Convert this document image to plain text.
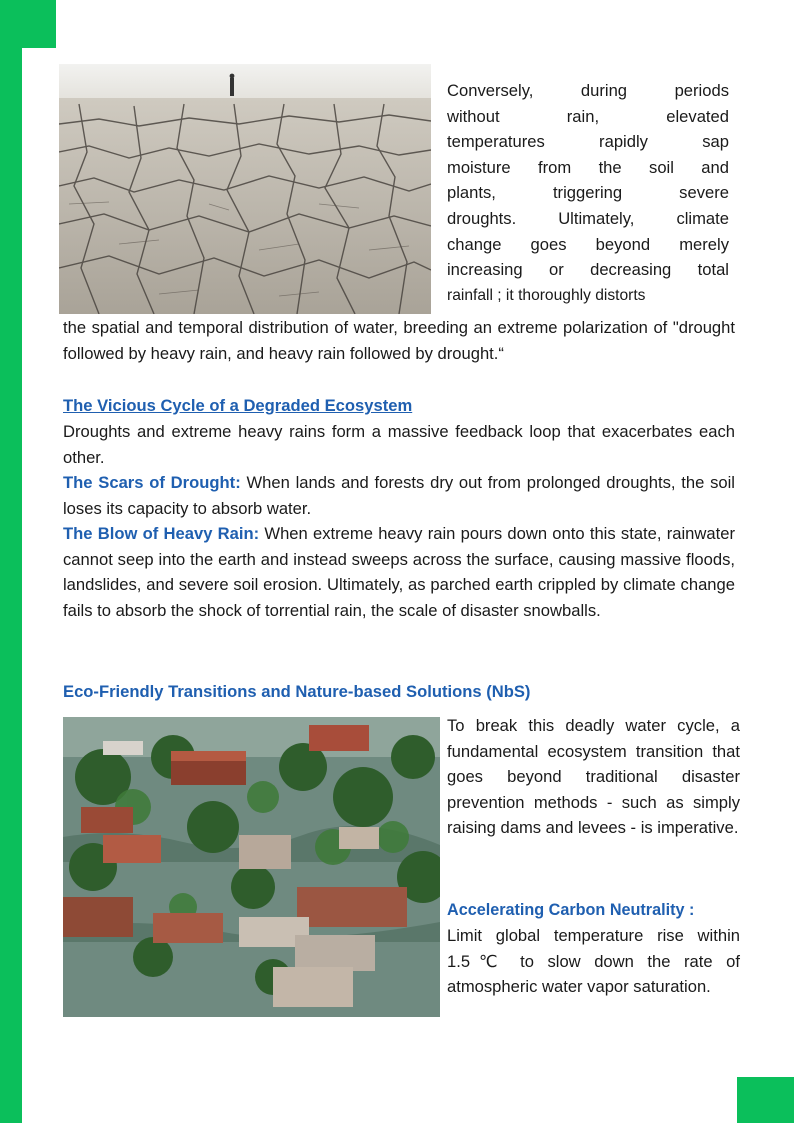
Conversely, during periods
without rain, elevated
temperatures rapidly sap
moisture from the soil and
plants, triggering severe
droughts. Ultimately, climate
change goes beyond merely
increasing or decreasing total
rainfall ; it thoroughly distorts
the spatial and temporal distribution of water, breeding an extreme polarization of "drought followed by heavy rain, and heavy rain followed by drought.“
The Vicious Cycle of a Degraded Ecosystem
Droughts and extreme heavy rains form a massive feedback loop that exacerbates each other.
The Scars of Drought: When lands and forests dry out from prolonged droughts, the soil loses its capacity to absorb water.
The Blow of Heavy Rain: When extreme heavy rain pours down onto this state, rainwater cannot seep into the earth and instead sweeps across the surface, causing massive floods, landslides, and severe soil erosion. Ultimately, as parched earth crippled by climate change fails to absorb the shock of torrential rain, the scale of disaster snowballs.
Eco-Friendly Transitions and Nature-based Solutions (NbS)
To break this deadly water cycle, a fundamental ecosystem transition that goes beyond traditional disaster prevention methods - such as simply raising dams and levees - is imperative.
Accelerating Carbon Neutrality :
Limit global temperature rise within 1.5℃ to slow down the rate of atmospheric water vapor saturation.
